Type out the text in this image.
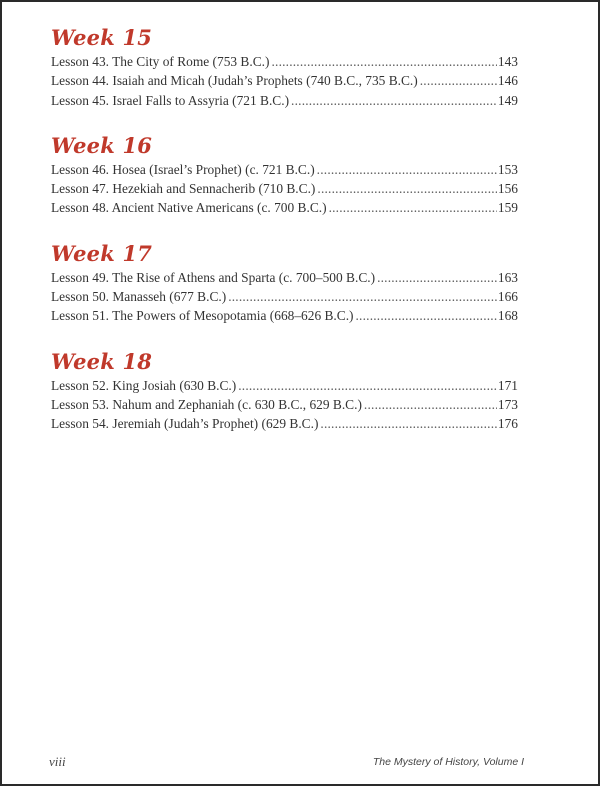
Week 15
Lesson 43. The City of Rome (753 B.C.) .....	143
Lesson 44. Isaiah and Micah (Judah’s Prophets (740 B.C., 735 B.C.) .....	146
Lesson 45. Israel Falls to Assyria (721 B.C.) .....	149
Week 16
Lesson 46. Hosea (Israel’s Prophet) (c. 721 B.C.) .....	153
Lesson 47. Hezekiah and Sennacherib (710 B.C.) .....	156
Lesson 48. Ancient Native Americans (c. 700 B.C.) .....	159
Week 17
Lesson 49. The Rise of Athens and Sparta (c. 700–500 B.C.) .....	163
Lesson 50. Manasseh (677 B.C.) .....	166
Lesson 51. The Powers of Mesopotamia (668–626 B.C.) .....	168
Week 18
Lesson 52. King Josiah (630 B.C.) .....	171
Lesson 53. Nahum and Zephaniah (c. 630 B.C., 629 B.C.) .....	173
Lesson 54. Jeremiah (Judah’s Prophet) (629 B.C.) .....	176
viii	The Mystery of History, Volume I
